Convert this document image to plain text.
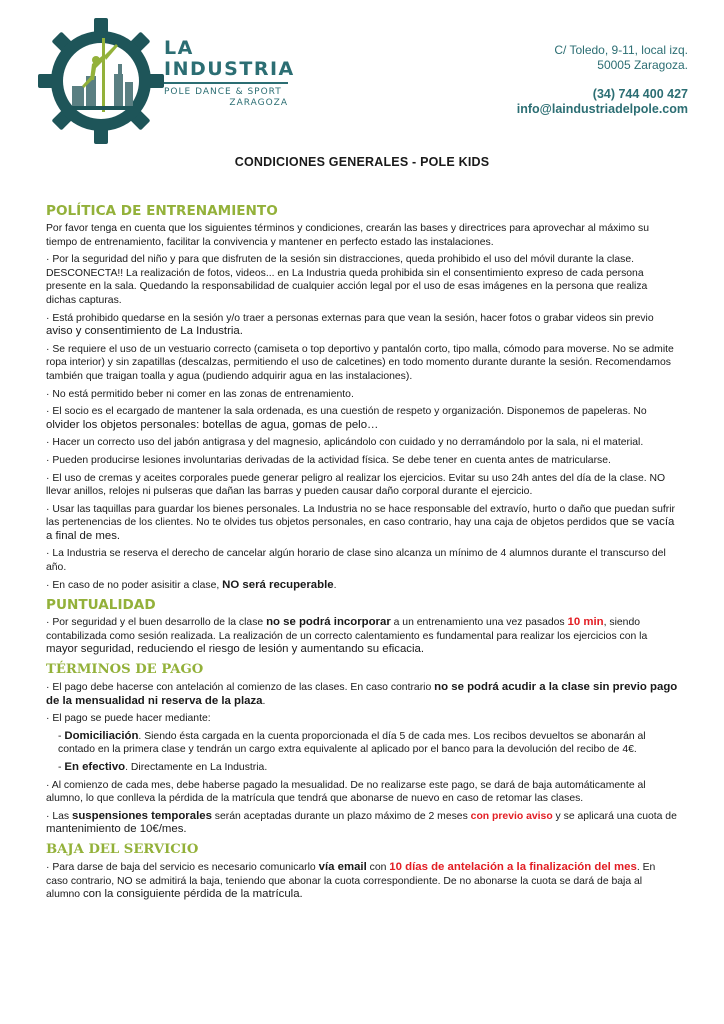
LA
INDUSTRIA
POLE DANCE & SPORT
ZARAGOZA
C/ Toledo, 9-11, local izq.
50005 Zaragoza.
(34) 744 400 427
info@laindustriadelpole.com
CONDICIONES GENERALES - POLE KIDS
POLÍTICA DE ENTRENAMIENTO

Por favor tenga en cuenta que los siguientes términos y condiciones, crearán las bases y directrices para aprovechar al máximo su tiempo de entrenamiento, facilitar la convivencia y mantener en perfecto estado las instalaciones.

· Por la seguridad del niño y para que disfruten de la sesión sin distracciones, queda prohibido el uso del móvil durante la clase. DESCONECTA!! La realización de fotos, videos... en La Industria queda prohibida sin el consentimiento expreso de cada persona presente en la sala. Quedando la responsabilidad de cualquier acción legal por el uso de esas imágenes en la persona que realiza dichas capturas.

· Está prohibido quedarse en la sesión y/o traer a personas externas para que vean la sesión, hacer fotos o grabar videos sin previo aviso y consentimiento de La Industria.

· Se requiere el uso de un vestuario correcto (camiseta o top deportivo y pantalón corto, tipo malla, cómodo para moverse. No se admite ropa interior) y sin zapatillas (descalzas, permitiendo el uso de calcetines) en todo momento durante durante la sesión. Recomendamos también que traigan toalla y agua (pudiendo adquirir agua en las instalaciones).

· No está permitido beber ni comer en las zonas de entrenamiento.

· El socio es el ecargado de mantener la sala ordenada, es una cuestión de respeto y organización. Disponemos de papeleras. No olvider los objetos personales: botellas de agua, gomas de pelo…

· Hacer un correcto uso del jabón antigrasa y del magnesio, aplicándolo con cuidado y no derramándolo por la sala, ni el material.

· Pueden producirse lesiones involuntarias derivadas de la actividad física. Se debe tener en cuenta antes de matricularse.

· El uso de cremas y aceites corporales puede generar peligro al realizar los ejercicios. Evitar su uso 24h antes del día de la clase. NO llevar anillos, relojes ni pulseras que dañan las barras y pueden causar daño corporal durante el ejercicio.

· Usar las taquillas para guardar los bienes personales. La Industria no se hace responsable del extravío, hurto o daño que puedan sufrir las pertenencias de los clientes. No te olvides tus objetos personales, en caso contrario, hay una caja de objetos perdidos que se vacía a final de mes.

· La Industria se reserva el derecho de cancelar algún horario de clase sino alcanza un mínimo de 4 alumnos durante el transcurso del año.

· En caso de no poder asisitir a clase, NO será recuperable.

PUNTUALIDAD

· Por seguridad y el buen desarrollo de la clase no se podrá incorporar a un entrenamiento una vez pasados 10 min, siendo contabilizada como sesión realizada. La realización de un correcto calentamiento es fundamental para realizar los ejercicios con la mayor seguridad, reduciendo el riesgo de lesión y aumentando su eficacia.

TÉRMINOS DE PAGO

· El pago debe hacerse con antelación al comienzo de las clases. En caso contrario no se podrá acudir a la clase sin previo pago de la mensualidad ni reserva de la plaza.

· El pago se puede hacer mediante:

- Domiciliación. Siendo ésta cargada en la cuenta proporcionada el día 5 de cada mes. Los recibos devueltos se abonarán al contado en la primera clase y tendrán un cargo extra equivalente al aplicado por el banco para la devolución del recibo de 4€.

- En efectivo. Directamente en La Industria.

· Al comienzo de cada mes, debe haberse pagado la mesualidad. De no realizarse este pago, se dará de baja automáticamente al alumno, lo que conlleva la pérdida de la matrícula que tendrá que abonarse de nuevo en caso de retomar las clases.

· Las suspensiones temporales serán aceptadas durante un plazo máximo de 2 meses con previo aviso y se aplicará una cuota de mantenimiento de 10€/mes.

BAJA DEL SERVICIO

· Para darse de baja del servicio es necesario comunicarlo vía email con 10 días de antelación a la finalización del mes. En caso contrario, NO se admitirá la baja, teniendo que abonar la cuota correspondiente. De no abonarse la cuota se dará de baja al alumno con la consiguiente pérdida de la matrícula.
